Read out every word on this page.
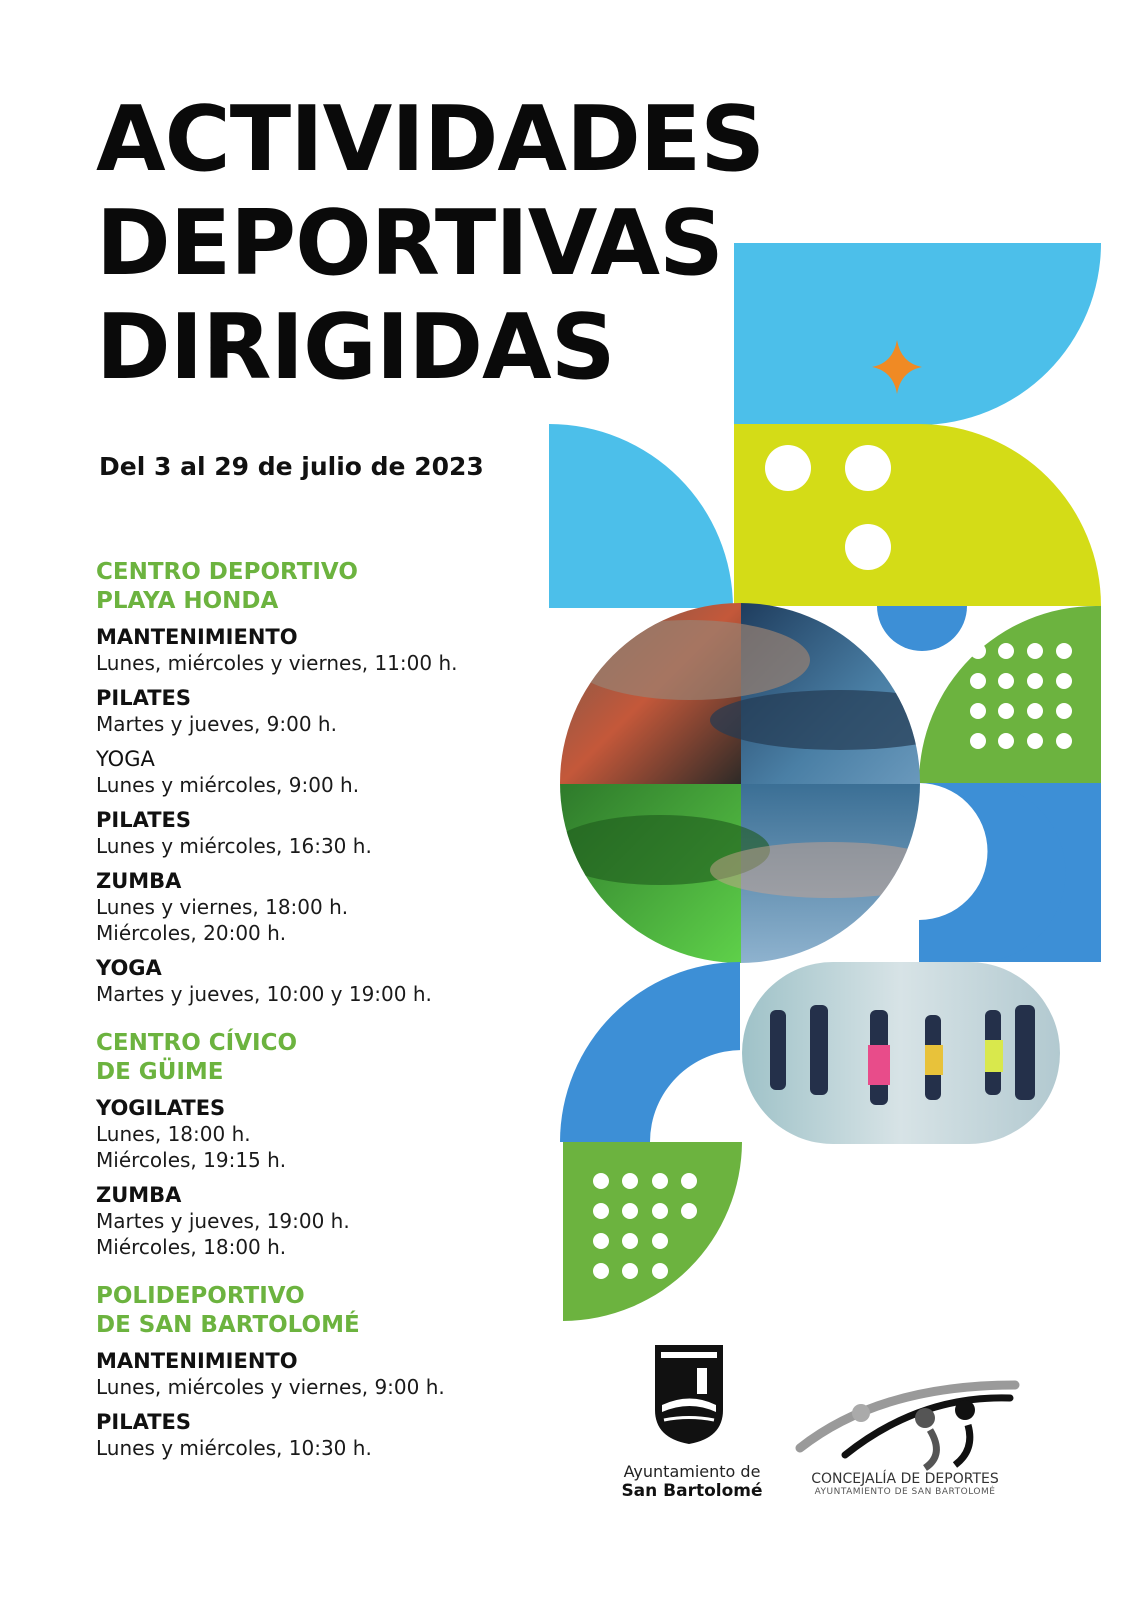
ACTIVIDADES
DEPORTIVAS
DIRIGIDAS
Del 3 al 29 de julio de 2023
CENTRO DEPORTIVO
PLAYA HONDA
MANTENIMIENTO
Lunes, miércoles y viernes, 11:00 h.
PILATES
Martes y jueves, 9:00 h.
YOGA
Lunes y miércoles, 9:00 h.
PILATES
Lunes y miércoles, 16:30 h.
ZUMBA
Lunes y viernes, 18:00 h.
Miércoles, 20:00 h.
YOGA
Martes y jueves, 10:00 y 19:00 h.
CENTRO CÍVICO
DE GÜIME
YOGILATES
Lunes, 18:00 h.
Miércoles, 19:15 h.
ZUMBA
Martes y jueves, 19:00 h.
Miércoles, 18:00 h.
POLIDEPORTIVO
DE SAN BARTOLOMÉ
MANTENIMIENTO
Lunes, miércoles y viernes, 9:00 h.
PILATES
Lunes y miércoles, 10:30 h.
Ayuntamiento de
San Bartolomé
CONCEJALÍA DE DEPORTES
AYUNTAMIENTO DE SAN BARTOLOMÉ
